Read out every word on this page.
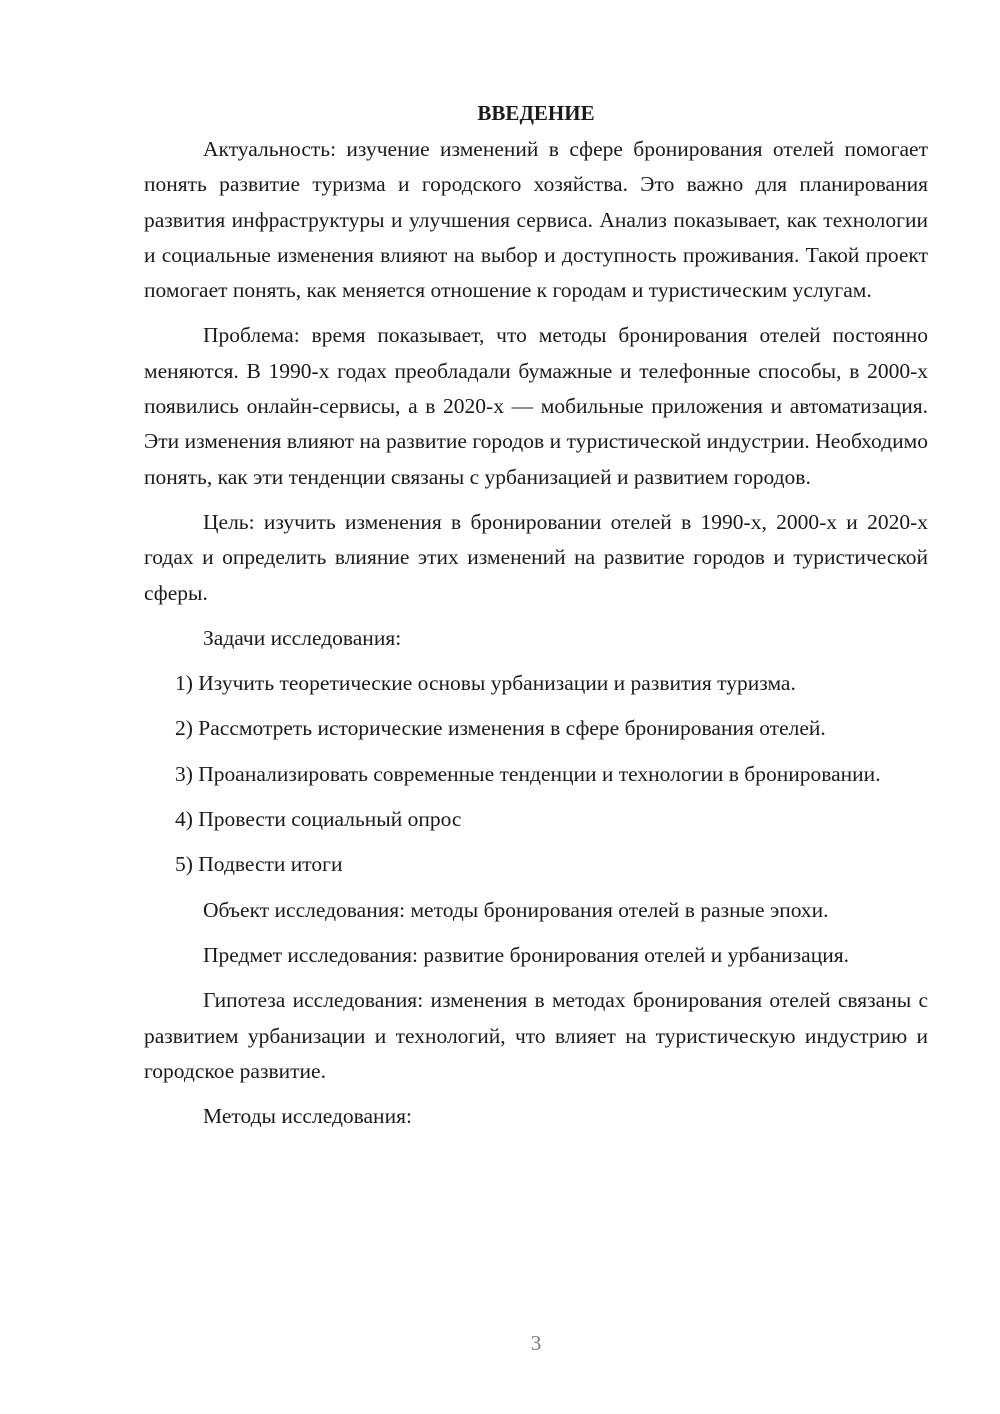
ВВЕДЕНИЕ

Актуальность: изучение изменений в сфере бронирования отелей помогает понять развитие туризма и городского хозяйства. Это важно для планирования развития инфраструктуры и улучшения сервиса. Анализ показывает, как технологии и социальные изменения влияют на выбор и доступность проживания. Такой проект помогает понять, как меняется отношение к городам и туристическим услугам.

Проблема: время показывает, что методы бронирования отелей постоянно меняются. В 1990-х годах преобладали бумажные и телефонные способы, в 2000-х появились онлайн-сервисы, а в 2020-х — мобильные приложения и автоматизация. Эти изменения влияют на развитие городов и туристической индустрии. Необходимо понять, как эти тенденции связаны с урбанизацией и развитием городов.

Цель: изучить изменения в бронировании отелей в 1990-х, 2000-х и 2020-х годах и определить влияние этих изменений на развитие городов и туристической сферы.

Задачи исследования:

1) Изучить теоретические основы урбанизации и развития туризма.

2) Рассмотреть исторические изменения в сфере бронирования отелей.

3) Проанализировать современные тенденции и технологии в бронировании.

4) Провести социальный опрос

5) Подвести итоги

Объект исследования: методы бронирования отелей в разные эпохи.

Предмет исследования: развитие бронирования отелей и урбанизация.

Гипотеза исследования: изменения в методах бронирования отелей связаны с развитием урбанизации и технологий, что влияет на туристическую индустрию и городское развитие.

Методы исследования:

3
